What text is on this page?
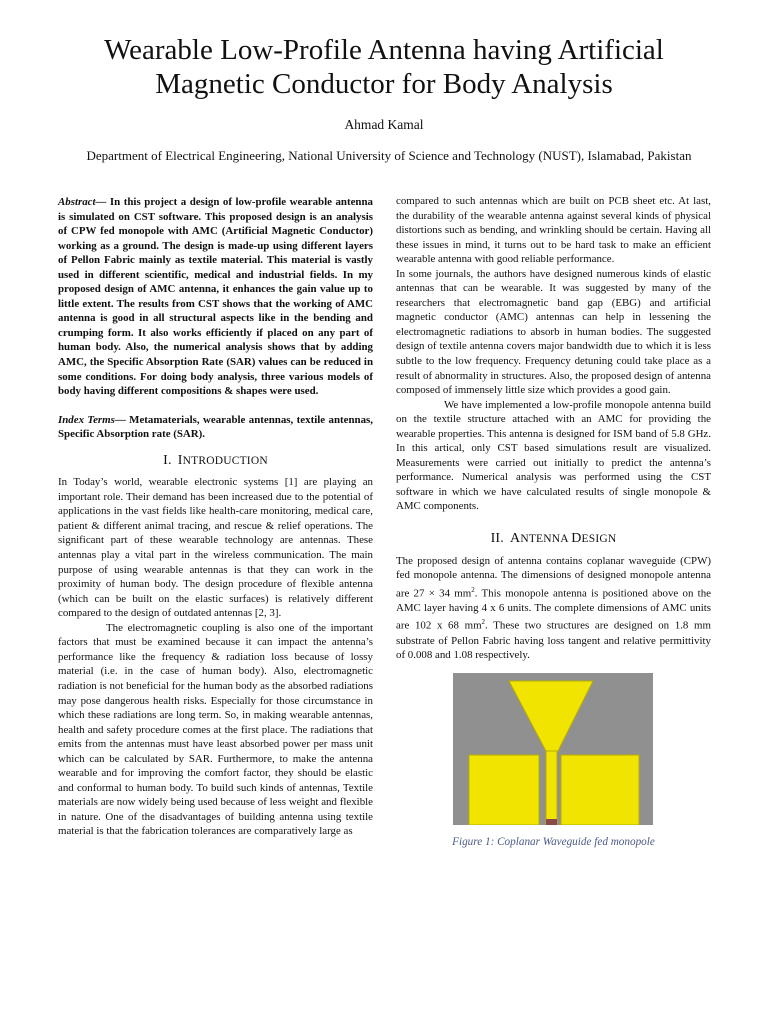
Wearable Low-Profile Antenna having Artificial
Magnetic Conductor for Body Analysis
Ahmad Kamal
Department of Electrical Engineering, National University of Science and Technology (NUST), Islamabad, Pakistan

Abstract— In this project a design of low-profile wearable antenna is simulated on CST software. This proposed design is an analysis of CPW fed monopole with AMC (Artificial Magnetic Conductor) working as a ground. The design is made-up using different layers of Pellon Fabric mainly as textile material. This material is vastly used in different scientific, medical and industrial fields. In my proposed design of AMC antenna, it enhances the gain value up to little extent. The results from CST shows that the working of AMC antenna is good in all structural aspects like in the bending and crumping form. It also works efficiently if placed on any part of human body. Also, the numerical analysis shows that by adding AMC, the Specific Absorption Rate (SAR) values can be reduced in some conditions. For doing body analysis, three various models of body having different compositions & shapes were used.

Index Terms— Metamaterials, wearable antennas, textile antennas, Specific Absorption rate (SAR).

I. INTRODUCTION

In Today’s world, wearable electronic systems [1] are playing an important role. Their demand has been increased due to the potential of applications in the vast fields like health-care monitoring, medical care, patient & different animal tracing, and rescue & relief operations. The significant part of these wearable technology are antennas. These antennas play a vital part in the wireless communication. The main purpose of using wearable antennas is that they can work in the proximity of human body. The design procedure of flexible antenna (which can be built on the elastic surfaces) is relatively different compared to the design of outdated antennas [2, 3].

The electromagnetic coupling is also one of the important factors that must be examined because it can impact the antenna’s performance like the frequency & radiation loss because of lossy material (i.e. in the case of human body). Also, electromagnetic radiation is not beneficial for the human body as the absorbed radiations may pose dangerous health risks. Especially for those circumstance in which these radiations are long term. So, in making wearable antennas, health and safety procedure comes at the first place. The radiations that emits from the antennas must have least absorbed power per mass unit which can be calculated by SAR. Furthermore, to make the antenna wearable and for improving the comfort factor, they should be elastic and conformal to human body. To build such kinds of antennas, Textile materials are now widely being used because of less weight and flexible in nature. One of the disadvantages of building antenna using textile material is that the fabrication tolerances are comparatively large as

compared to such antennas which are built on PCB sheet etc. At last, the durability of the wearable antenna against several kinds of physical distortions such as bending, and wrinkling should be certain. Having all these issues in mind, it turns out to be hard task to make an efficient wearable antenna with good reliable performance.

In some journals, the authors have designed numerous kinds of elastic antennas that can be wearable. It was suggested by many of the researchers that electromagnetic band gap (EBG) and artificial magnetic conductor (AMC) antennas can help in lessening the electromagnetic radiations to absorb in human bodies. The suggested design of textile antenna covers major bandwidth due to which it is less subtle to the low frequency. Frequency detuning could take place as a result of abnormality in structures. Also, the proposed design of antenna composed of immensely little size which provides a good gain.

We have implemented a low-profile monopole antenna build on the textile structure attached with an AMC for providing the wearable properties. This antenna is designed for ISM band of 5.8 GHz. In this artical, only CST based simulations result are visualized. Measurements were carried out initially to predict the antenna’s performance. Numerical analysis was performed using the CST software in which we have calculated results of single monopole & AMC components.

II. ANTENNA DESIGN

The proposed design of antenna contains coplanar waveguide (CPW) fed monopole antenna. The dimensions of designed monopole antenna are 27 × 34 $mm^2$. This monopole antenna is positioned above on the AMC layer having 4 x 6 units. The complete dimensions of AMC units are 102 x 68 $mm^2$. These two structures are designed on 1.8 mm substrate of Pellon Fabric having loss tangent and relative permittivity of 0.008 and 1.08 respectively.

Figure 1: Coplanar Waveguide fed monopole
